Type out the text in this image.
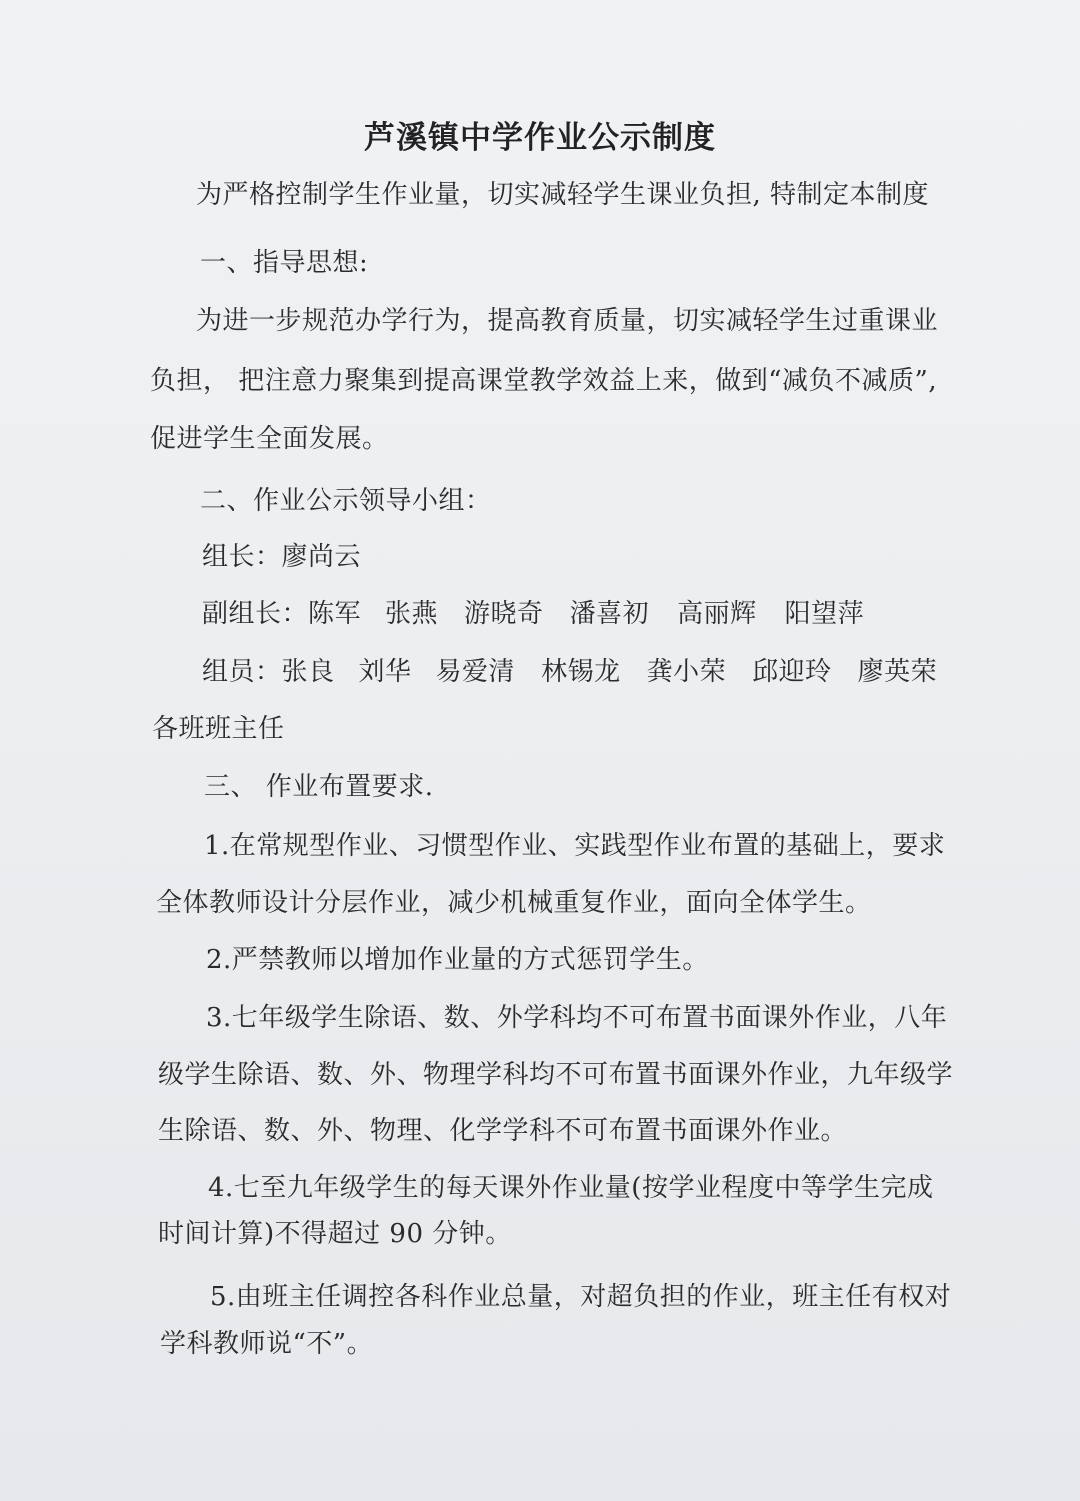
芦溪镇中学作业公示制度
为严格控制学生作业量，切实减轻学生课业负担, 特制定本制度
一、指导思想:
为进一步规范办学行为，提高教育质量，切实减轻学生过重课业
负担， 把注意力聚集到提高课堂教学效益上来，做到“减负不减质”,
促进学生全面发展。
二、作业公示领导小组：
组长：廖尚云
副组长：陈军 张燕 游晓奇 潘喜初 高丽辉 阳望萍
组员：张良 刘华 易爱清 林锡龙 龚小荣 邱迎玲 廖英荣
各班班主任
三、 作业布置要求.
1.在常规型作业、习惯型作业、实践型作业布置的基础上，要求
全体教师设计分层作业，减少机械重复作业，面向全体学生。
2.严禁教师以增加作业量的方式惩罚学生。
3.七年级学生除语、数、外学科均不可布置书面课外作业，八年
级学生除语、数、外、物理学科均不可布置书面课外作业，九年级学
生除语、数、外、物理、化学学科不可布置书面课外作业。
4.七至九年级学生的每天课外作业量(按学业程度中等学生完成
时间计算)不得超过 90 分钟。
5.由班主任调控各科作业总量，对超负担的作业，班主任有权对
学科教师说“不”。
